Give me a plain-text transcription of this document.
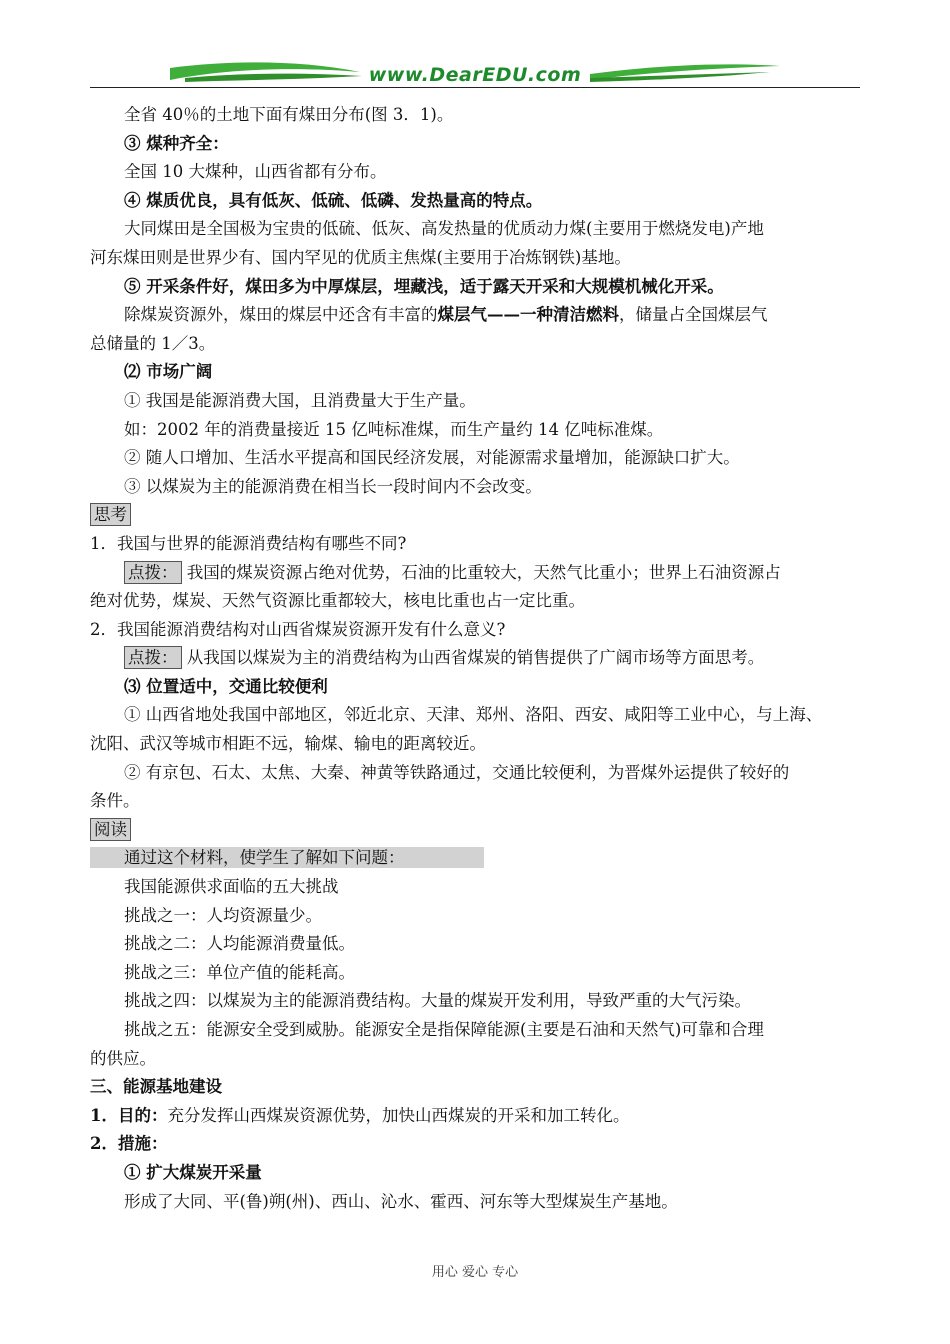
www.DearEDU.com
全省 40％的土地下面有煤田分布(图 3．1)。
③ 煤种齐全：
全国 10 大煤种，山西省都有分布。
④ 煤质优良，具有低灰、低硫、低磷、发热量高的特点。
大同煤田是全国极为宝贵的低硫、低灰、高发热量的优质动力煤(主要用于燃烧发电)产地
河东煤田则是世界少有、国内罕见的优质主焦煤(主要用于冶炼钢铁)基地。
⑤ 开采条件好，煤田多为中厚煤层，埋藏浅，适于露天开采和大规模机械化开采。
除煤炭资源外，煤田的煤层中还含有丰富的煤层气——一种清洁燃料，储量占全国煤层气
总储量的 1／3。
⑵ 市场广阔
① 我国是能源消费大国，且消费量大于生产量。
如：2002 年的消费量接近 15 亿吨标准煤，而生产量约 14 亿吨标准煤。
② 随人口增加、生活水平提高和国民经济发展，对能源需求量增加，能源缺口扩大。
③ 以煤炭为主的能源消费在相当长一段时间内不会改变。
思考
1．我国与世界的能源消费结构有哪些不同?
点拨： 我国的煤炭资源占绝对优势，石油的比重较大，天然气比重小；世界上石油资源占
绝对优势，煤炭、天然气资源比重都较大，核电比重也占一定比重。
2．我国能源消费结构对山西省煤炭资源开发有什么意义?
点拨： 从我国以煤炭为主的消费结构为山西省煤炭的销售提供了广阔市场等方面思考。
⑶ 位置适中，交通比较便利
① 山西省地处我国中部地区，邻近北京、天津、郑州、洛阳、西安、咸阳等工业中心，与上海、
沈阳、武汉等城市相距不远，输煤、输电的距离较近。
② 有京包、石太、太焦、大秦、神黄等铁路通过，交通比较便利，为晋煤外运提供了较好的
条件。
阅读
通过这个材料，使学生了解如下问题：
我国能源供求面临的五大挑战
挑战之一：人均资源量少。
挑战之二：人均能源消费量低。
挑战之三：单位产值的能耗高。
挑战之四：以煤炭为主的能源消费结构。大量的煤炭开发利用，导致严重的大气污染。
挑战之五：能源安全受到威胁。能源安全是指保障能源(主要是石油和天然气)可靠和合理
的供应。
三、能源基地建设
1．目的：充分发挥山西煤炭资源优势，加快山西煤炭的开采和加工转化。
2．措施：
① 扩大煤炭开采量
形成了大同、平(鲁)朔(州)、西山、沁水、霍西、河东等大型煤炭生产基地。
用心 爱心 专心
